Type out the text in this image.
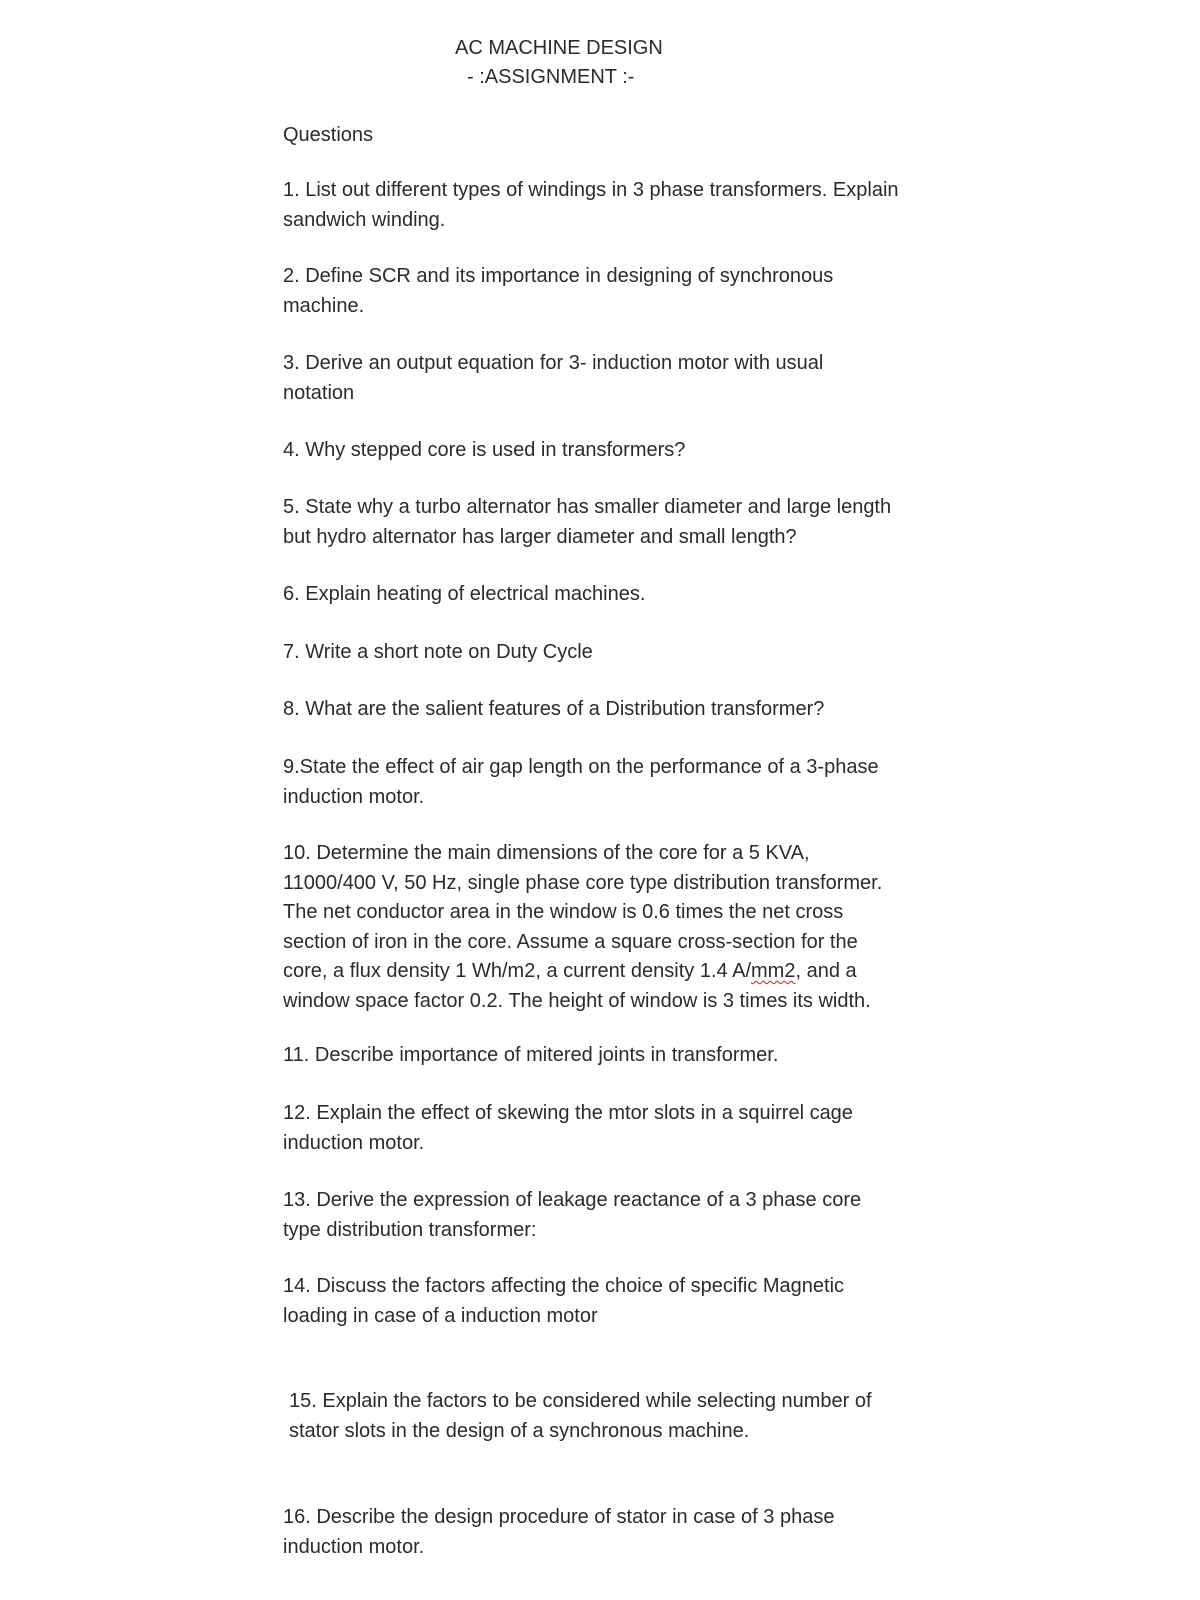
AC MACHINE DESIGN
- :ASSIGNMENT :-
Questions
1. List out different types of windings in 3 phase transformers. Explain
sandwich winding.
2. Define SCR and its importance in designing of synchronous
machine.
3. Derive an output equation for 3- induction motor with usual
notation
4. Why stepped core is used in transformers?
5. State why a turbo alternator has smaller diameter and large length
but hydro alternator has larger diameter and small length?
6. Explain heating of electrical machines.
7. Write a short note on Duty Cycle
8. What are the salient features of a Distribution transformer?
9.State the effect of air gap length on the performance of a 3-phase
induction motor.
10. Determine the main dimensions of the core for a 5 KVA,
11000/400 V, 50 Hz, single phase core type distribution transformer.
The net conductor area in the window is 0.6 times the net cross
section of iron in the core. Assume a square cross-section for the
core, a flux density 1 Wh/m2, a current density 1.4 A/mm2, and a
window space factor 0.2. The height of window is 3 times its width.
11. Describe importance of mitered joints in transformer.
12. Explain the effect of skewing the mtor slots in a squirrel cage
induction motor.
13. Derive the expression of leakage reactance of a 3 phase core
type distribution transformer:
14. Discuss the factors affecting the choice of specific Magnetic
loading in case of a induction motor
15. Explain the factors to be considered while selecting number of
stator slots in the design of a synchronous machine.
16. Describe the design procedure of stator in case of 3 phase
induction motor.
